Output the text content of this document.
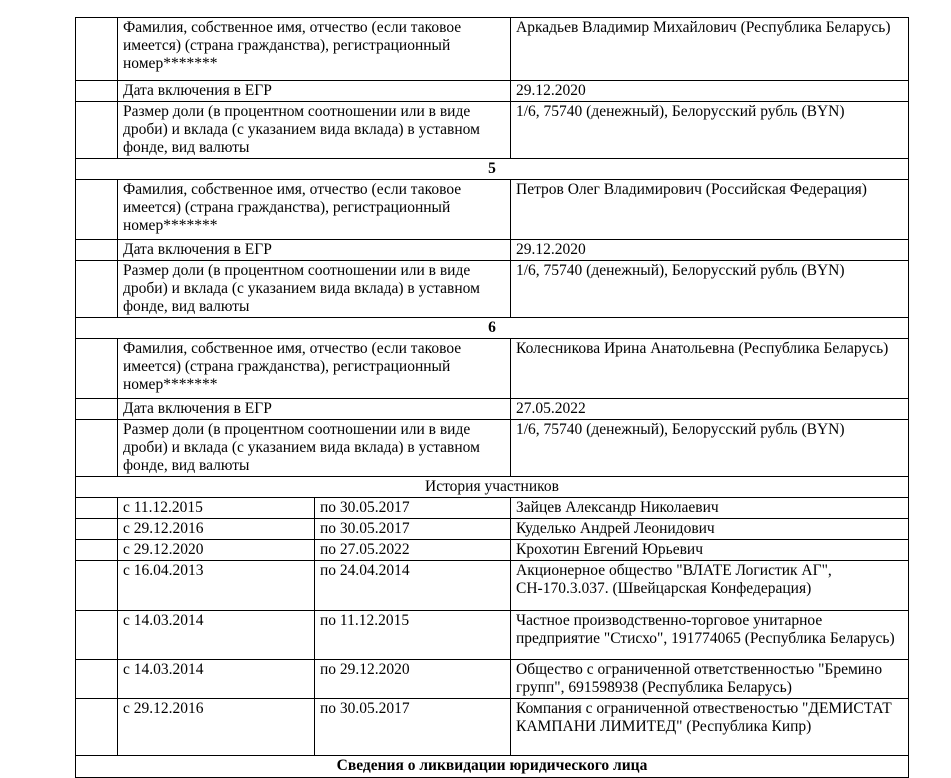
	Фамилия, собственное имя, отчество (если таковое имеется) (страна гражданства), регистрационный номер*******		Аркадьев Владимир Михайлович (Республика Беларусь)
	Дата включения в ЕГР		29.12.2020
	Размер доли (в процентном соотношении или в виде дроби) и вклада (с указанием вида вклада) в уставном фонде, вид валюты		1/6, 75740 (денежный), Белорусский рубль (BYN)
5			
	Фамилия, собственное имя, отчество (если таковое имеется) (страна гражданства), регистрационный номер*******		Петров Олег Владимирович (Российская Федерация)
	Дата включения в ЕГР		29.12.2020
	Размер доли (в процентном соотношении или в виде дроби) и вклада (с указанием вида вклада) в уставном фонде, вид валюты		1/6, 75740 (денежный), Белорусский рубль (BYN)
6			
	Фамилия, собственное имя, отчество (если таковое имеется) (страна гражданства), регистрационный номер*******		Колесникова Ирина Анатольевна (Республика Беларусь)
	Дата включения в ЕГР		27.05.2022
	Размер доли (в процентном соотношении или в виде дроби) и вклада (с указанием вида вклада) в уставном фонде, вид валюты		1/6, 75740 (денежный), Белорусский рубль (BYN)
История участников			
	с 11.12.2015	по 30.05.2017	Зайцев Александр Николаевич
	с 29.12.2016	по 30.05.2017	Куделько Андрей Леонидович
	с 29.12.2020	по 27.05.2022	Крохотин Евгений Юрьевич
	с 16.04.2013	по 24.04.2014	Акционерное общество "ВЛАТЕ Логистик АГ", СН-170.3.037. (Швейцарская Конфедерация)
	с 14.03.2014	по 11.12.2015	Частное производственно-торговое унитарное предприятие "Стисхо", 191774065 (Республика Беларусь)
	с 14.03.2014	по 29.12.2020	Общество с ограниченной ответственностью "Бремино групп", 691598938 (Республика Беларусь)
	с 29.12.2016	по 30.05.2017	Компания с ограниченной отвественостью "ДЕМИСТАТ КАМПАНИ ЛИМИТЕД" (Республика Кипр)
Сведения о ликвидации юридического лица			
